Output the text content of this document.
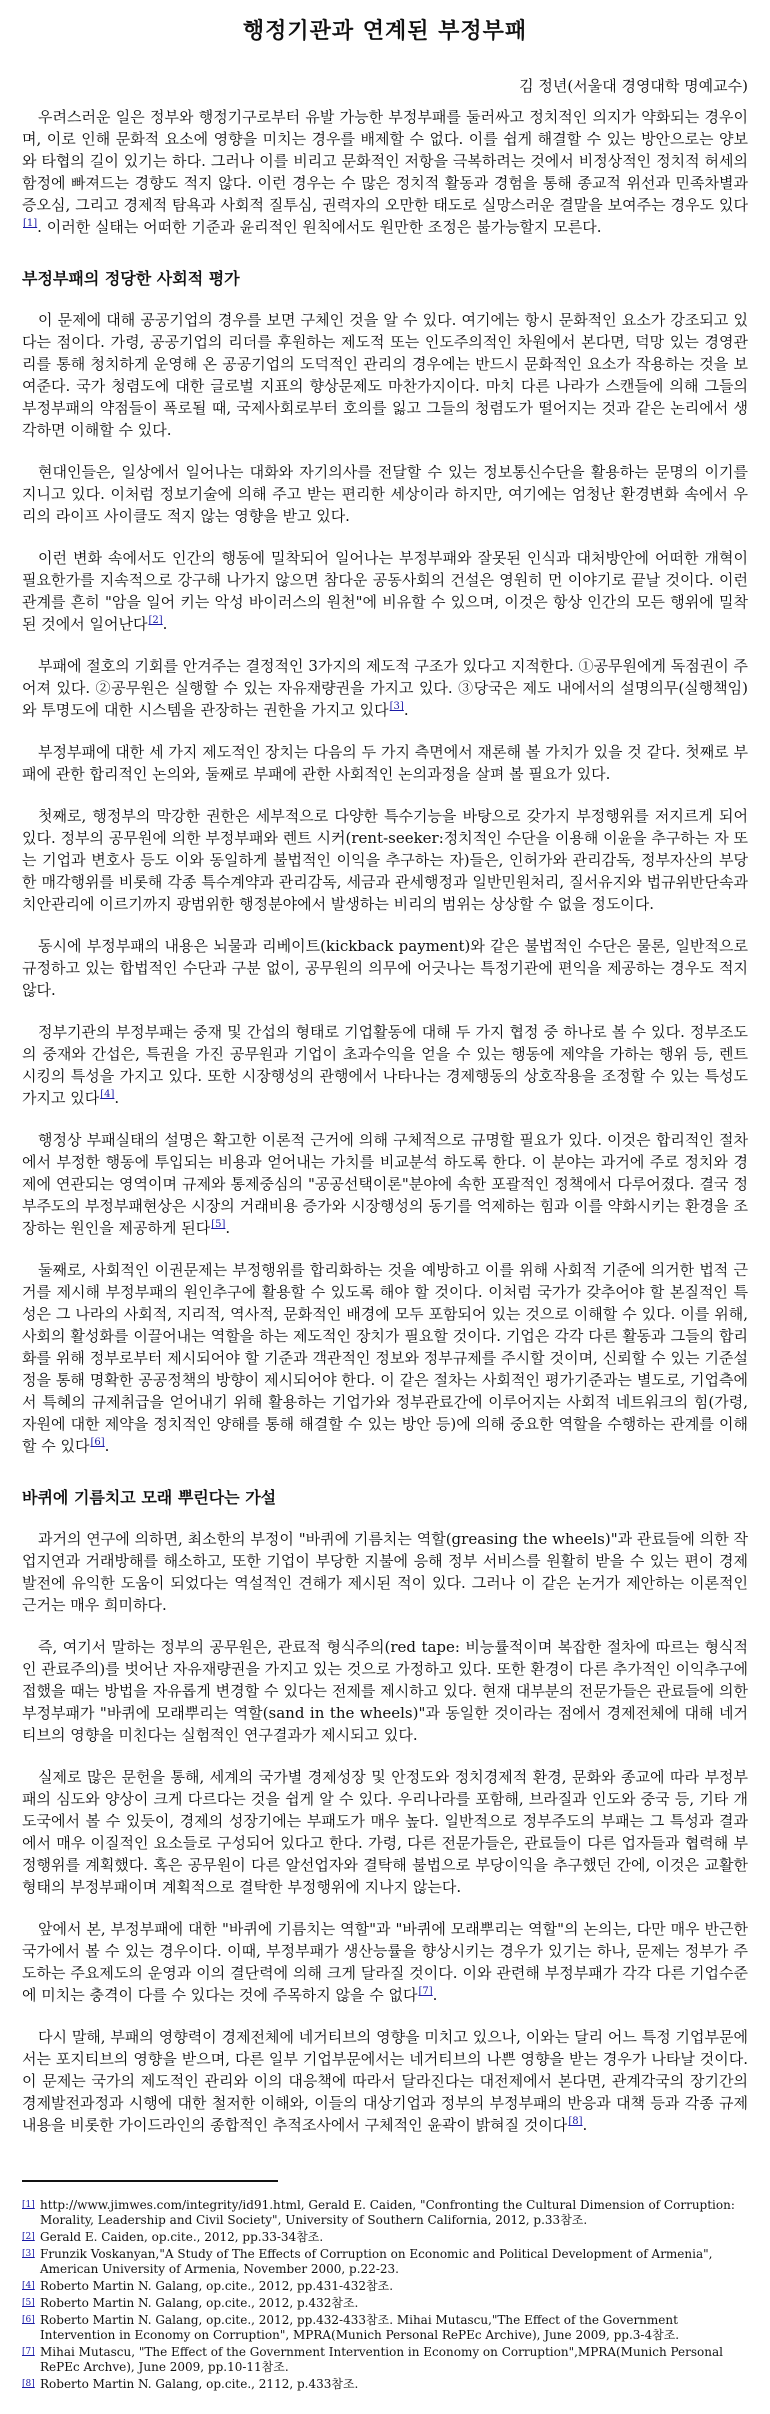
행정기관과 연계된 부정부패
김 정년(서울대 경영대학 명예교수)

우려스러운 일은 정부와 행정기구로부터 유발 가능한 부정부패를 둘러싸고 정치적인 의지가 약화되는 경우이며, 이로 인해 문화적 요소에 영향을 미치는 경우를 배제할 수 없다. 이를 쉽게 해결할 수 있는 방안으로는 양보와 타협의 길이 있기는 하다. 그러나 이를 비리고 문화적인 저항을 극복하려는 것에서 비정상적인 정치적 허세의 함정에 빠져드는 경향도 적지 않다. 이런 경우는 수 많은 정치적 활동과 경험을 통해 종교적 위선과 민족차별과 증오심, 그리고 경제적 탐욕과 사회적 질투심, 권력자의 오만한 태도로 실망스러운 결말을 보여주는 경우도 있다[1]. 이러한 실태는 어떠한 기준과 윤리적인 원칙에서도 원만한 조정은 불가능할지 모른다.

부정부패의 정당한 사회적 평가

이 문제에 대해 공공기업의 경우를 보면 구체인 것을 알 수 있다. 여기에는 항시 문화적인 요소가 강조되고 있다는 점이다. 가령, 공공기업의 리더를 후원하는 제도적 또는 인도주의적인 차원에서 본다면, 덕망 있는 경영관리를 통해 청치하게 운영해 온 공공기업의 도덕적인 관리의 경우에는 반드시 문화적인 요소가 작용하는 것을 보여준다. 국가 청렴도에 대한 글로벌 지표의 향상문제도 마찬가지이다. 마치 다른 나라가 스캔들에 의해 그들의 부정부패의 약점들이 폭로될 때, 국제사회로부터 호의를 잃고 그들의 청렴도가 떨어지는 것과 같은 논리에서 생각하면 이해할 수 있다.

현대인들은, 일상에서 일어나는 대화와 자기의사를 전달할 수 있는 정보통신수단을 활용하는 문명의 이기를 지니고 있다. 이처럼 정보기술에 의해 주고 받는 편리한 세상이라 하지만, 여기에는 엄청난 환경변화 속에서 우리의 라이프 사이클도 적지 않는 영향을 받고 있다.

이런 변화 속에서도 인간의 행동에 밀착되어 일어나는 부정부패와 잘못된 인식과 대처방안에 어떠한 개혁이 필요한가를 지속적으로 강구해 나가지 않으면 참다운 공동사회의 건설은 영원히 먼 이야기로 끝날 것이다. 이런 관계를 흔히 "암을 일어 키는 악성 바이러스의 원천"에 비유할 수 있으며, 이것은 항상 인간의 모든 행위에 밀착된 것에서 일어난다[2].

부패에 절호의 기회를 안겨주는 결정적인 3가지의 제도적 구조가 있다고 지적한다. ①공무원에게 독점권이 주어져 있다. ②공무원은 실행할 수 있는 자유재량권을 가지고 있다. ③당국은 제도 내에서의 설명의무(실행책임)와 투명도에 대한 시스템을 관장하는 권한을 가지고 있다[3].

부정부패에 대한 세 가지 제도적인 장치는 다음의 두 가지 측면에서 재론해 볼 가치가 있을 것 같다. 첫째로 부패에 관한 합리적인 논의와, 둘째로 부패에 관한 사회적인 논의과정을 살펴 볼 필요가 있다.

첫째로, 행정부의 막강한 권한은 세부적으로 다양한 특수기능을 바탕으로 갖가지 부정행위를 저지르게 되어 있다. 정부의 공무원에 의한 부정부패와 렌트 시커(rent-seeker:정치적인 수단을 이용해 이윤을 추구하는 자 또는 기업과 변호사 등도 이와 동일하게 불법적인 이익을 추구하는 자)들은, 인허가와 관리감독, 정부자산의 부당한 매각행위를 비롯해 각종 특수계약과 관리감독, 세금과 관세행정과 일반민원처리, 질서유지와 법규위반단속과 치안관리에 이르기까지 광범위한 행정분야에서 발생하는 비리의 범위는 상상할 수 없을 정도이다.

동시에 부정부패의 내용은 뇌물과 리베이트(kickback payment)와 같은 불법적인 수단은 물론, 일반적으로 규정하고 있는 합법적인 수단과 구분 없이, 공무원의 의무에 어긋나는 특정기관에 편익을 제공하는 경우도 적지 않다.

정부기관의 부정부패는 중재 및 간섭의 형태로 기업활동에 대해 두 가지 협정 중 하나로 볼 수 있다. 정부조도의 중재와 간섭은, 특권을 가진 공무원과 기업이 초과수익을 얻을 수 있는 행동에 제약을 가하는 행위 등, 렌트 시킹의 특성을 가지고 있다. 또한 시장행성의 관행에서 나타나는 경제행동의 상호작용을 조정할 수 있는 특성도 가지고 있다[4].

행정상 부패실태의 설명은 확고한 이론적 근거에 의해 구체적으로 규명할 필요가 있다. 이것은 합리적인 절차에서 부정한 행동에 투입되는 비용과 얻어내는 가치를 비교분석 하도록 한다. 이 분야는 과거에 주로 정치와 경제에 연관되는 영역이며 규제와 통제중심의 "공공선택이론"분야에 속한 포괄적인 정책에서 다루어졌다. 결국 정부주도의 부정부패현상은 시장의 거래비용 증가와 시장행성의 동기를 억제하는 힘과 이를 약화시키는 환경을 조장하는 원인을 제공하게 된다[5].

둘째로, 사회적인 이권문제는 부정행위를 합리화하는 것을 예방하고 이를 위해 사회적 기준에 의거한 법적 근거를 제시해 부정부패의 원인추구에 활용할 수 있도록 해야 할 것이다. 이처럼 국가가 갖추어야 할 본질적인 특성은 그 나라의 사회적, 지리적, 역사적, 문화적인 배경에 모두 포함되어 있는 것으로 이해할 수 있다. 이를 위해, 사회의 활성화를 이끌어내는 역할을 하는 제도적인 장치가 필요할 것이다. 기업은 각각 다른 활동과 그들의 합리화를 위해 정부로부터 제시되어야 할 기준과 객관적인 정보와 정부규제를 주시할 것이며, 신뢰할 수 있는 기준설정을 통해 명확한 공공정책의 방향이 제시되어야 한다. 이 같은 절차는 사회적인 평가기준과는 별도로, 기업측에서 특혜의 규제취급을 얻어내기 위해 활용하는 기업가와 정부관료간에 이루어지는 사회적 네트워크의 힘(가령, 자원에 대한 제약을 정치적인 양해를 통해 해결할 수 있는 방안 등)에 의해 중요한 역할을 수행하는 관계를 이해할 수 있다[6].

바퀴에 기름치고 모래 뿌린다는 가설

과거의 연구에 의하면, 최소한의 부정이 "바퀴에 기름치는 역할(greasing the wheels)"과 관료들에 의한 작업지연과 거래방해를 해소하고, 또한 기업이 부당한 지불에 응해 정부 서비스를 원활히 받을 수 있는 편이 경제발전에 유익한 도움이 되었다는 역설적인 견해가 제시된 적이 있다. 그러나 이 같은 논거가 제안하는 이론적인 근거는 매우 희미하다.

즉, 여기서 말하는 정부의 공무원은, 관료적 형식주의(red tape: 비능률적이며 복잡한 절차에 따르는 형식적인 관료주의)를 벗어난 자유재량권을 가지고 있는 것으로 가정하고 있다. 또한 환경이 다른 추가적인 이익추구에 접했을 때는 방법을 자유롭게 변경할 수 있다는 전제를 제시하고 있다. 현재 대부분의 전문가들은 관료들에 의한 부정부패가 "바퀴에 모래뿌리는 역할(sand in the wheels)"과 동일한 것이라는 점에서 경제전체에 대해 네거티브의 영향을 미친다는 실험적인 연구결과가 제시되고 있다.

실제로 많은 문헌을 통해, 세계의 국가별 경제성장 및 안정도와 정치경제적 환경, 문화와 종교에 따라 부정부패의 심도와 양상이 크게 다르다는 것을 쉽게 알 수 있다. 우리나라를 포함해, 브라질과 인도와 중국 등, 기타 개도국에서 볼 수 있듯이, 경제의 성장기에는 부패도가 매우 높다. 일반적으로 정부주도의 부패는 그 특성과 결과에서 매우 이질적인 요소들로 구성되어 있다고 한다. 가령, 다른 전문가들은, 관료들이 다른 업자들과 협력해 부정행위를 계획했다. 혹은 공무원이 다른 알선업자와 결탁해 불법으로 부당이익을 추구했던 간에, 이것은 교활한 형태의 부정부패이며 계획적으로 결탁한 부정행위에 지나지 않는다.

앞에서 본, 부정부패에 대한 "바퀴에 기름치는 역할"과 "바퀴에 모래뿌리는 역할"의 논의는, 다만 매우 반근한 국가에서 볼 수 있는 경우이다. 이때, 부정부패가 생산능률을 향상시키는 경우가 있기는 하나, 문제는 정부가 주도하는 주요제도의 운영과 이의 결단력에 의해 크게 달라질 것이다. 이와 관련해 부정부패가 각각 다른 기업수준에 미치는 충격이 다를 수 있다는 것에 주목하지 않을 수 없다[7].

다시 말해, 부패의 영향력이 경제전체에 네거티브의 영향을 미치고 있으나, 이와는 달리 어느 특정 기업부문에서는 포지티브의 영향을 받으며, 다른 일부 기업부문에서는 네거티브의 나쁜 영향을 받는 경우가 나타날 것이다. 이 문제는 국가의 제도적인 관리와 이의 대응책에 따라서 달라진다는 대전제에서 본다면, 관계각국의 장기간의 경제발전과정과 시행에 대한 철저한 이해와, 이들의 대상기업과 정부의 부정부패의 반응과 대책 등과 각종 규제내용을 비롯한 가이드라인의 종합적인 추적조사에서 구체적인 윤곽이 밝혀질 것이다[8].

[1] http://www.jimwes.com/integrity/id91.html, Gerald E. Caiden, "Confronting the Cultural Dimension of Corruption: Morality, Leadership and Civil Society", University of Southern California, 2012, p.33참조.
[2] Gerald E. Caiden, op.cite., 2012, pp.33-34참조.
[3] Frunzik Voskanyan,"A Study of The Effects of Corruption on Economic and Political Development of Armenia", American University of Armenia, November 2000, p.22-23.
[4] Roberto Martin N. Galang, op.cite., 2012, pp.431-432참조.
[5] Roberto Martin N. Galang, op.cite., 2012, p.432참조.
[6] Roberto Martin N. Galang, op.cite., 2012, pp.432-433참조. Mihai Mutascu,"The Effect of the Government Intervention in Economy on Corruption", MPRA(Munich Personal RePEc Archive), June 2009, pp.3-4참조.
[7] Mihai Mutascu, "The Effect of the Government Intervention in Economy on Corruption",MPRA(Munich Personal RePEc Archve), June 2009, pp.10-11참조.
[8] Roberto Martin N. Galang, op.cite., 2112, p.433참조.
